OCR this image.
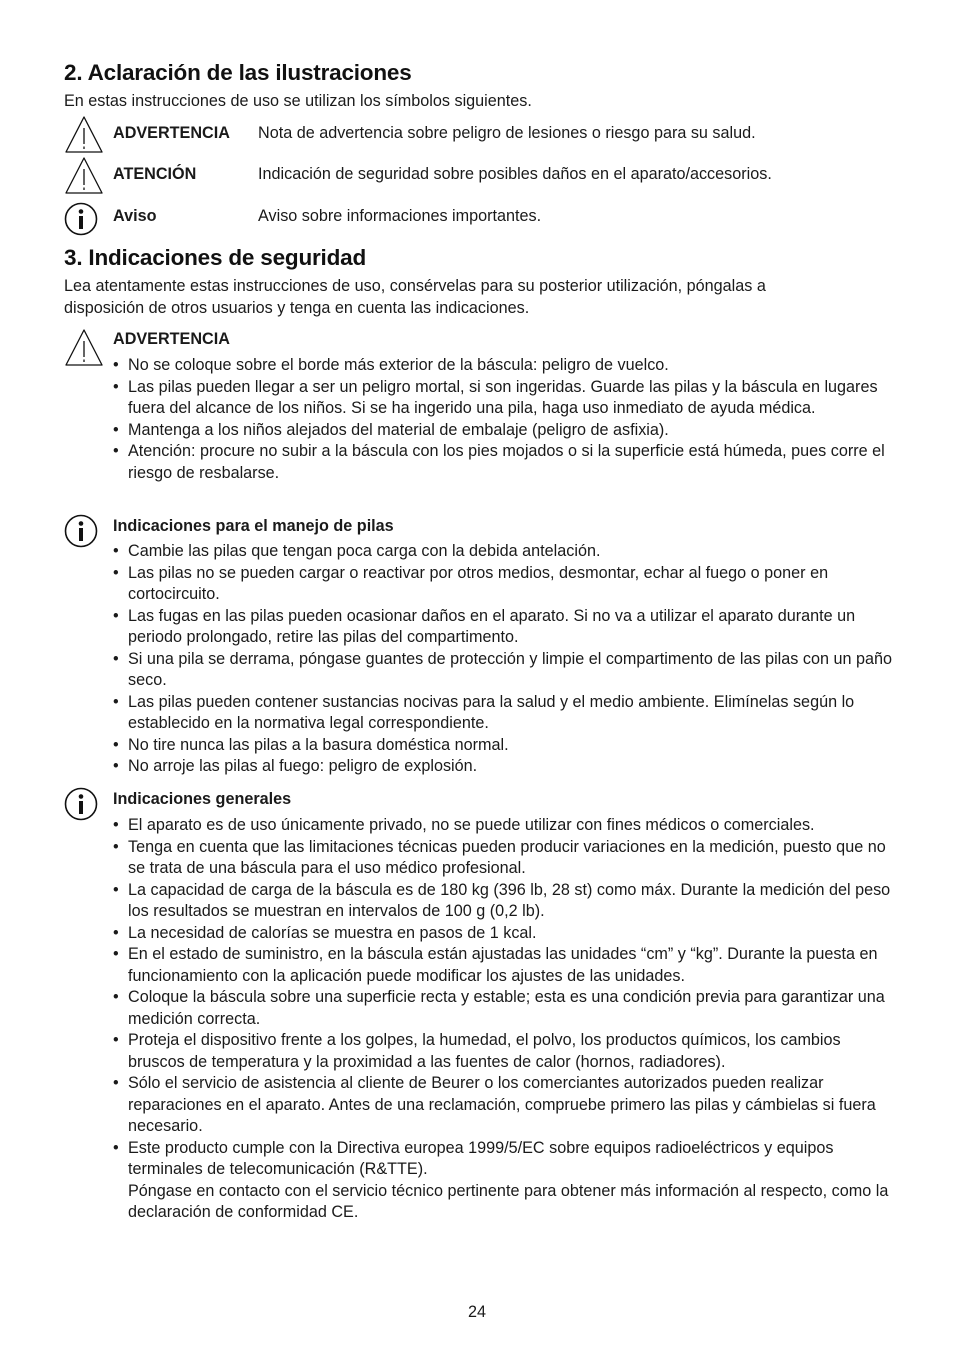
2. Aclaración de las ilustraciones

En estas instrucciones de uso se utilizan los símbolos siguientes.

ADVERTENCIA Nota de advertencia sobre peligro de lesiones o riesgo para su salud.
ATENCIÓN	Indicación de seguridad sobre posibles daños en el aparato/accesorios.
Aviso	Aviso sobre informaciones importantes.
3. Indicaciones de seguridad

Lea atentamente estas instrucciones de uso, consérvelas para su posterior utilización, póngalas a disposición de otros usuarios y tenga en cuenta las indicaciones.

ADVERTENCIA
• No se coloque sobre el borde más exterior de la báscula: peligro de vuelco.
• Las pilas pueden llegar a ser un peligro mortal, si son ingeridas. Guarde las pilas y la báscula en lugares fuera del alcance de los niños. Si se ha ingerido una pila, haga uso inmediato de ayuda médica.
• Mantenga a los niños alejados del material de embalaje (peligro de asfixia).
• Atención: procure no subir a la báscula con los pies mojados o si la superficie está húmeda, pues corre el riesgo de resbalarse.
Indicaciones para el manejo de pilas
• Cambie las pilas que tengan poca carga con la debida antelación.
• Las pilas no se pueden cargar o reactivar por otros medios, desmontar, echar al fuego o poner en cortocircuito.
• Las fugas en las pilas pueden ocasionar daños en el aparato. Si no va a utilizar el aparato durante un periodo prolongado, retire las pilas del compartimento.
• Si una pila se derrama, póngase guantes de protección y limpie el compartimento de las pilas con un paño seco.
• Las pilas pueden contener sustancias nocivas para la salud y el medio ambiente. Elimínelas según lo establecido en la normativa legal correspondiente.
• No tire nunca las pilas a la basura doméstica normal.
• No arroje las pilas al fuego: peligro de explosión.
Indicaciones generales
• El aparato es de uso únicamente privado, no se puede utilizar con fines médicos o comerciales.
• Tenga en cuenta que las limitaciones técnicas pueden producir variaciones en la medición, puesto que no se trata de una báscula para el uso médico profesional.
• La capacidad de carga de la báscula es de 180 kg (396 lb, 28 st) como máx. Durante la medición del peso los resultados se muestran en intervalos de 100 g (0,2 lb).
• La necesidad de calorías se muestra en pasos de 1 kcal.
• En el estado de suministro, en la báscula están ajustadas las unidades “cm” y “kg”. Durante la puesta en funcionamiento con la aplicación puede modificar los ajustes de las unidades.
• Coloque la báscula sobre una superficie recta y estable; esta es una condición previa para garantizar una medición correcta.
• Proteja el dispositivo frente a los golpes, la humedad, el polvo, los productos químicos, los cambios bruscos de temperatura y la proximidad a las fuentes de calor (hornos, radiadores).
• Sólo el servicio de asistencia al cliente de Beurer o los comerciantes autorizados pueden realizar reparaciones en el aparato. Antes de una reclamación, compruebe primero las pilas y cámbielas si fuera necesario.
• Este producto cumple con la Directiva europea 1999/5/EC sobre equipos radioeléctricos y equipos terminales de telecomunicación (R&TTE).
Póngase en contacto con el servicio técnico pertinente para obtener más información al respecto, como la declaración de conformidad CE.
24
